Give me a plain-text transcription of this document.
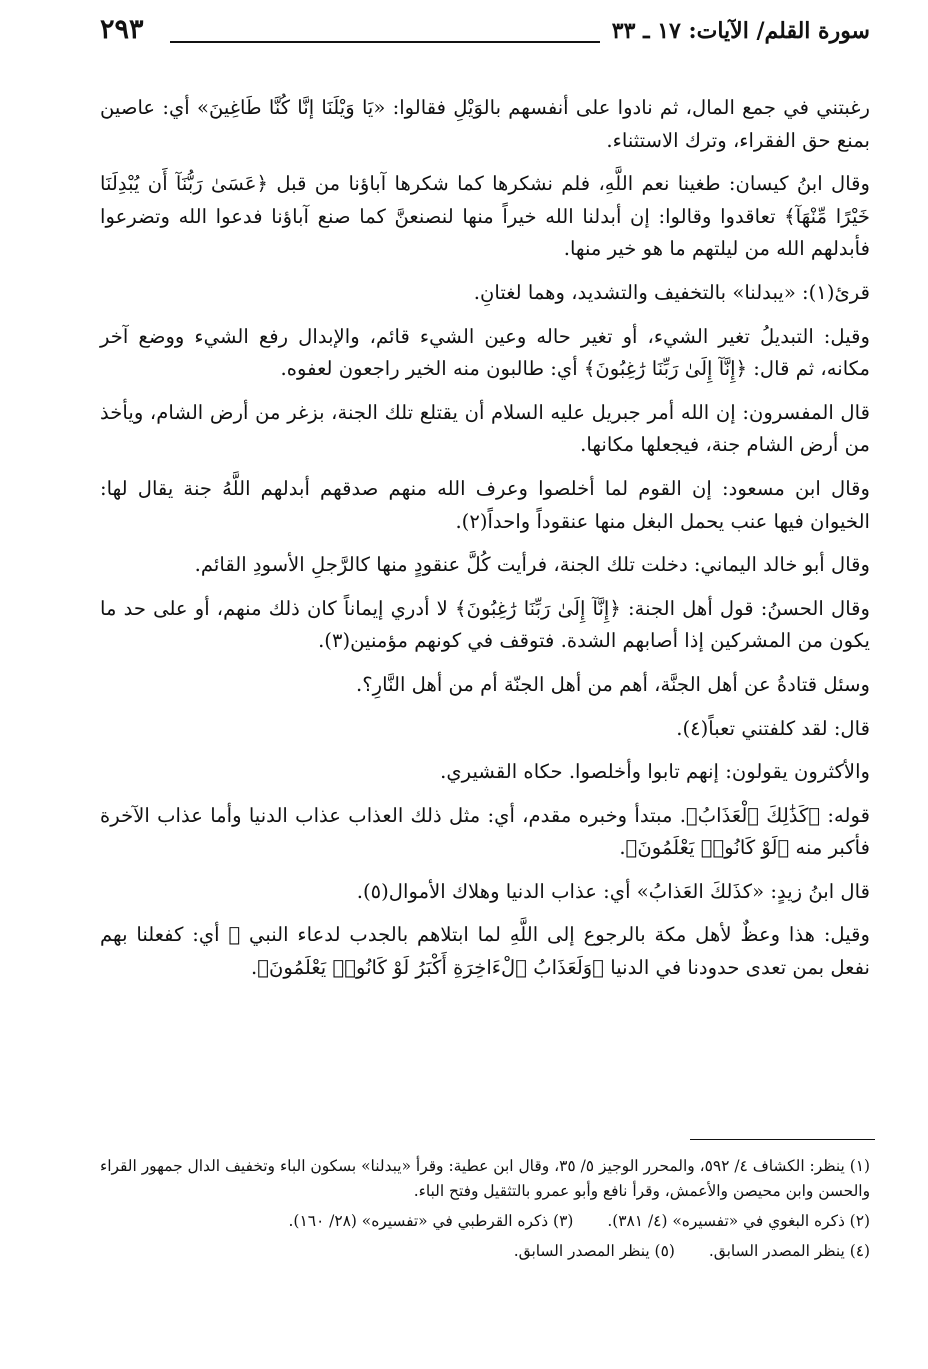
سورة القلم/ الآيات: ١٧ ـ ٣٣
٢٩٣

رغبتني في جمع المال، ثم نادوا على أنفسهم بالوَيْلِ فقالوا: «يَا وَيْلَنَا إنَّا كُنَّا طَاغِينَ» أي: عاصين بمنع حق الفقراء، وترك الاستثناء.

وقال ابنُ كيسان: طغينا نعم اللَّهِ، فلم نشكرها كما شكرها آباؤنا من قبل ﴿عَسَىٰ رَبُّنَآ أَن يُبْدِلَنَا خَيْرًا مِّنْهَآ﴾ تعاقدوا وقالوا: إن أبدلنا الله خيراً منها لنصنعنَّ كما صنع آباؤنا فدعوا الله وتضرعوا فأبدلهم الله من ليلتهم ما هو خير منها.

قرئ(١): «يبدلنا» بالتخفيف والتشديد، وهما لغتانِ.

وقيل: التبديلُ تغير الشيء، أو تغير حاله وعين الشيء قائم، والإبدال رفع الشيء ووضع آخر مكانه، ثم قال: ﴿إِنَّآ إِلَىٰ رَبِّنَا رَٰغِبُونَ﴾ أي: طالبون منه الخير راجعون لعفوه.

قال المفسرون: إن الله أمر جبريل عليه السلام أن يقتلع تلك الجنة، بزغر من أرض الشام، ويأخذ من أرض الشام جنة، فيجعلها مكانها.

وقال ابن مسعود: إن القوم لما أخلصوا وعرف الله منهم صدقهم أبدلهم اللَّهُ جنة يقال لها: الخيوان فيها عنب يحمل البغل منها عنقوداً واحداً(٢).

وقال أبو خالد اليماني: دخلت تلك الجنة، فرأيت كُلَّ عنقودٍ منها كالرَّجلِ الأسودِ القائم.

وقال الحسنُ: قول أهل الجنة: ﴿إِنَّآ إِلَىٰ رَبِّنَا رَٰغِبُونَ﴾ لا أدري إيماناً كان ذلك منهم، أو على حد ما يكون من المشركين إذا أصابهم الشدة. فتوقف في كونهم مؤمنين(٣).

وسئل قتادةُ عن أهل الجنَّة، أهم من أهل الجنّة أم من أهل النَّارِ؟.

قال: لقد كلفتني تعباً(٤).

والأكثرون يقولون: إنهم تابوا وأخلصوا. حكاه القشيري.

قوله: ﴿كَذَٰلِكَ ٱلْعَذَابُ﴾. مبتدأ وخبره مقدم، أي: مثل ذلك العذاب عذاب الدنيا وأما عذاب الآخرة فأكبر منه ﴿لَوْ كَانُوا۟ يَعْلَمُونَ﴾.

قال ابنُ زيدٍ: «كذَلكَ العَذابُ» أي: عذاب الدنيا وهلاك الأموال(٥).

وقيل: هذا وعظٌ لأهل مكة بالرجوع إلى اللَّهِ لما ابتلاهم بالجدب لدعاء النبي ﷺ أي: كفعلنا بهم نفعل بمن تعدى حدودنا في الدنيا ﴿وَلَعَذَابُ ٱلْءَاخِرَةِ أَكْبَرُ لَوْ كَانُوا۟ يَعْلَمُونَ﴾.

(١) ينظر: الكشاف ٤/ ٥٩٢، والمحرر الوجيز ٥/ ٣٥، وقال ابن عطية: وقرأ «يبدلنا» بسكون الباء وتخفيف الدال جمهور القراء والحسن وابن محيصن والأعمش، وقرأ نافع وأبو عمرو بالتثقيل وفتح الباء.

(٢) ذكره البغوي في «تفسيره» (٤/ ٣٨١).
(٣) ذكره القرطبي في «تفسيره» (٢٨/ ١٦٠).
(٤) ينظر المصدر السابق.
(٥) ينظر المصدر السابق.
